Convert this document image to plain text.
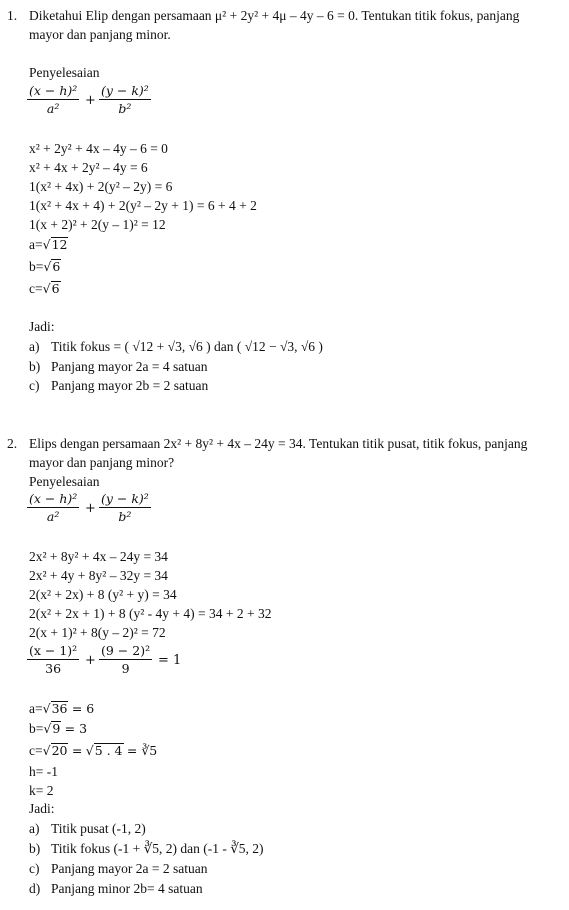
1. Diketahui Elip dengan persamaan μ² + 2y² + 4μ – 4y – 6 = 0. Tentukan titik fokus, panjang
mayor dan panjang minor.
Penyelesaian
$\frac{\text{(x − h)²}}{\text{a²}} + \frac{\text{(y − k)²}}{\text{b²}}$
x² + 2y² + 4x – 4y – 6 = 0
x² + 4x + 2y² – 4y = 6
1(x² + 4x) + 2(y² – 2y) = 6
1(x² + 4x + 4) + 2(y² – 2y + 1) = 6 + 4 + 2
1(x + 2)² + 2(y – 1)² = 12
a=√12
b=√6
c=√6
Jadi:
a) Titik fokus = ( √12 + √3, √6 ) dan ( √12 − √3, √6 )
b) Panjang mayor 2a = 4 satuan
c) Panjang mayor 2b = 2 satuan
2. Elips dengan persamaan 2x² + 8y² + 4x – 24y = 34. Tentukan titik pusat, titik fokus, panjang
mayor dan panjang minor?
Penyelesaian
$\frac{\text{(x − h)²}}{\text{a²}} + \frac{\text{(y − k)²}}{\text{b²}}$
2x² + 8y² + 4x – 24y = 34
2x² + 4y + 8y² – 32y = 34
2(x² + 2x) + 8 (y² + y) = 34
2(x² + 2x + 1) + 8 (y² - 4y + 4) = 34 + 2 + 32
2(x + 1)² + 8(y – 2)² = 72
$\frac{\text{(x − 1)²}}{36} + \frac{\text{(9 − 2)²}}{9} = 1$
a=√36 = 6
b=√9 = 3
c=√20 = √5 . 4 = ∛5
h= -1
k= 2
Jadi:
a) Titik pusat (-1, 2)
b) Titik fokus (-1 + ∛5, 2) dan (-1 - ∛5, 2)
c) Panjang mayor 2a = 2 satuan
d) Panjang minor 2b= 4 satuan
